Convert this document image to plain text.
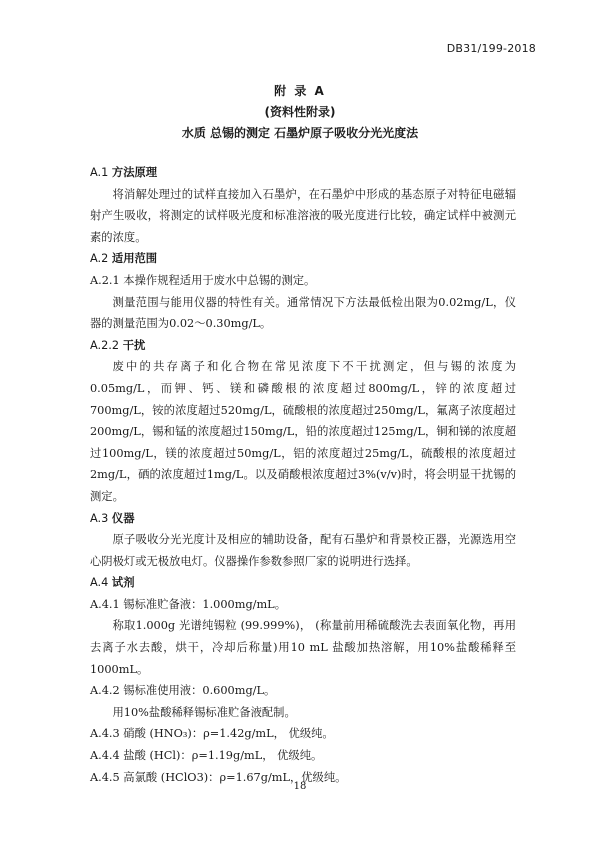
DB31/199-2018
附 录 A
(资料性附录)
水质 总锡的测定 石墨炉原子吸收分光光度法

A.1 方法原理

将消解处理过的试样直接加入石墨炉，在石墨炉中形成的基态原子对特征电磁辐射产生吸收，将测定的试样吸光度和标准溶液的吸光度进行比较，确定试样中被测元素的浓度。

A.2 适用范围

A.2.1 本操作规程适用于废水中总锡的测定。

测量范围与能用仪器的特性有关。通常情况下方法最低检出限为0.02mg/L，仪器的测量范围为0.02～0.30mg/L。

A.2.2 干扰

废中的共存离子和化合物在常见浓度下不干扰测定，但与锡的浓度为0.05mg/L，而钾、钙、镁和磷酸根的浓度超过800mg/L，锌的浓度超过700mg/L，铵的浓度超过520mg/L，硫酸根的浓度超过250mg/L，氟离子浓度超过200mg/L，锡和锰的浓度超过150mg/L，铅的浓度超过125mg/L，铜和锑的浓度超过100mg/L，镁的浓度超过50mg/L，铝的浓度超过25mg/L，硫酸根的浓度超过2mg/L，硒的浓度超过1mg/L。以及硝酸根浓度超过3%(v/v)时，将会明显干扰锡的测定。

A.3 仪器

原子吸收分光光度计及相应的辅助设备，配有石墨炉和背景校正器，光源选用空心阴极灯或无极放电灯。仪器操作参数参照厂家的说明进行选择。

A.4 试剂

A.4.1 锡标准贮备液：1.000mg/mL。

称取1.000g 光谱纯锡粒 (99.999%)， (称量前用稀硫酸洗去表面氧化物，再用去离子水去酸，烘干，冷却后称量)用10 mL 盐酸加热溶解，用10%盐酸稀释至1000mL。

A.4.2 锡标准使用液：0.600mg/L。

用10%盐酸稀释锡标准贮备液配制。

A.4.3 硝酸 (HNO₃)：ρ=1.42g/mL， 优级纯。

A.4.4 盐酸 (HCl)：ρ=1.19g/mL， 优级纯。

A.4.5 高氯酸 (HClO3)：ρ=1.67g/mL，优级纯。

18
